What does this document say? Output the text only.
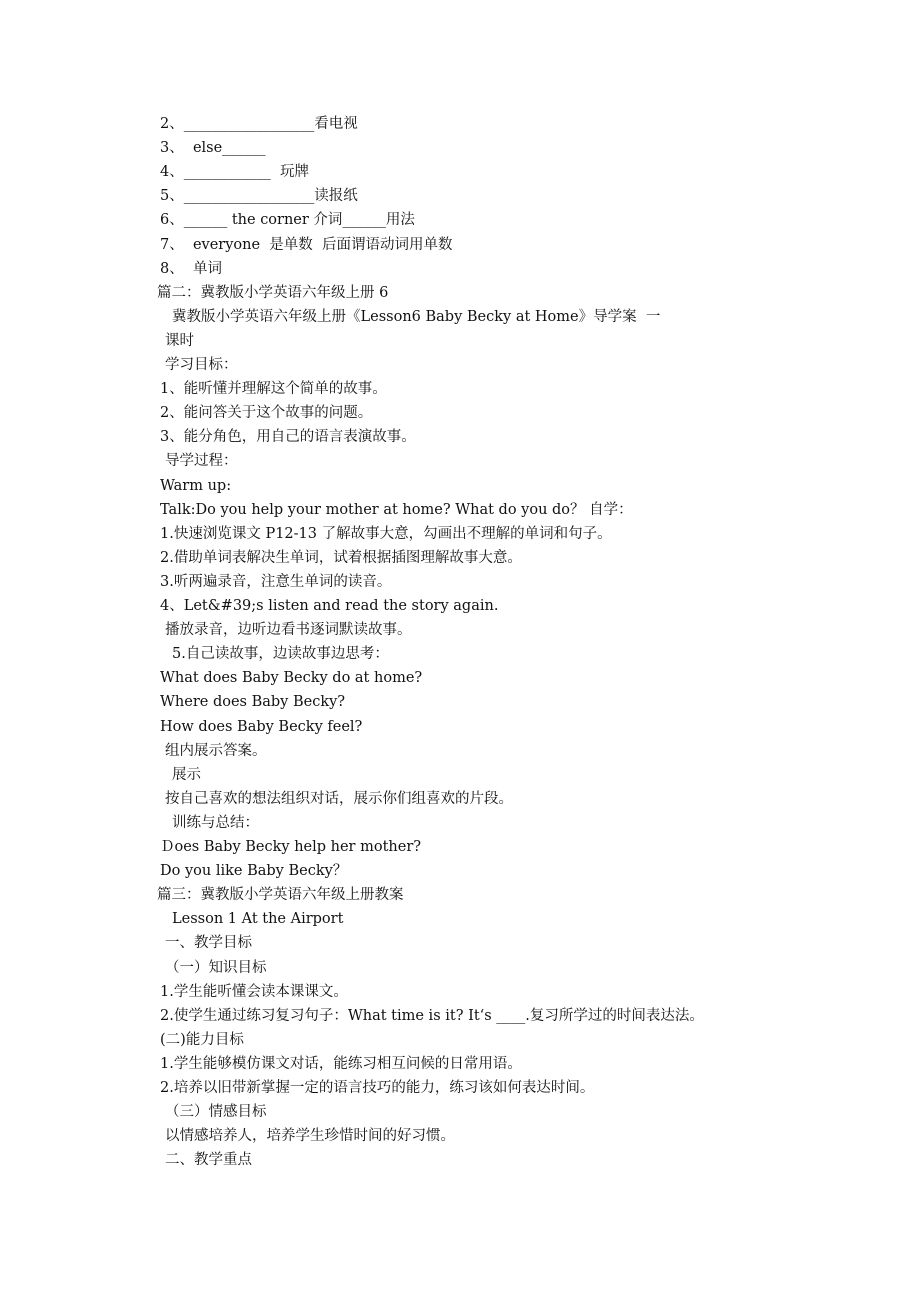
2、__________________看电视
3、  else______
4、____________  玩牌
5、__________________读报纸
6、______ the corner 介词______用法
7、  everyone  是单数  后面谓语动词用单数
8、  单词
篇二：冀教版小学英语六年级上册 6
冀教版小学英语六年级上册《Lesson6 Baby Becky at Home》导学案  一
课时
学习目标：
1、能听懂并理解这个简单的故事。
2、能问答关于这个故事的问题。
3、能分角色，用自己的语言表演故事。
导学过程：
Warm up:
Talk:Do you help your mother at home? What do you do？ 自学：
1.快速浏览课文 P12-13 了解故事大意，勾画出不理解的单词和句子。
2.借助单词表解决生单词，试着根据插图理解故事大意。
3.听两遍录音，注意生单词的读音。
4、Let&#39;s listen and read the story again.
播放录音，边听边看书逐词默读故事。
5.自己读故事，边读故事边思考：
What does Baby Becky do at home?
Where does Baby Becky?
How does Baby Becky feel?
组内展示答案。
展示
按自己喜欢的想法组织对话，展示你们组喜欢的片段。
训练与总结：
Ｄoes Baby Becky help her mother?
Do you like Baby Becky？
篇三：冀教版小学英语六年级上册教案
Lesson 1 At the Airport
一、教学目标
（一）知识目标
1.学生能听懂会读本课课文。
2.使学生通过练习复习句子：What time is it? It‘s ____.复习所学过的时间表达法。
(二)能力目标
1.学生能够模仿课文对话，能练习相互问候的日常用语。
2.培养以旧带新掌握一定的语言技巧的能力，练习该如何表达时间。
（三）情感目标
以情感培养人，培养学生珍惜时间的好习惯。
二、教学重点
